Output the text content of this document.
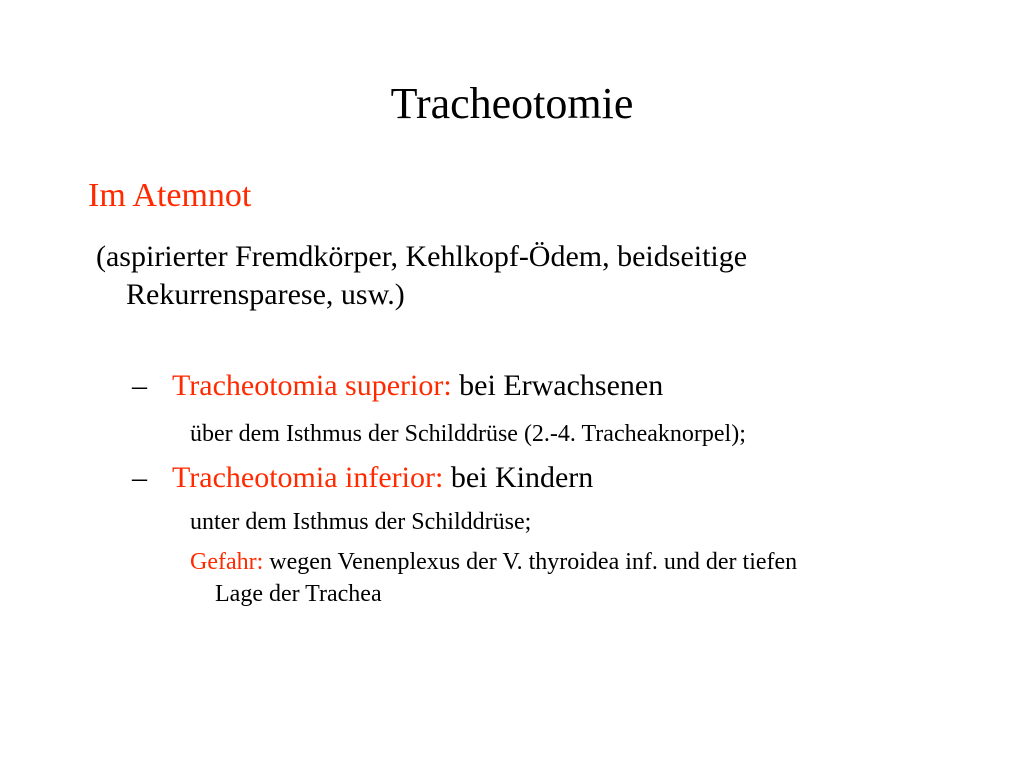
Tracheotomie
Im Atemnot
(aspirierter Fremdkörper, Kehlkopf-Ödem, beidseitige
Rekurrensparese, usw.)
– Tracheotomia superior: bei Erwachsenen
über dem Isthmus der Schilddrüse (2.-4. Tracheaknorpel);
– Tracheotomia inferior: bei Kindern
unter dem Isthmus der Schilddrüse;
Gefahr: wegen Venenplexus der V. thyroidea inf. und der tiefen
Lage der Trachea
